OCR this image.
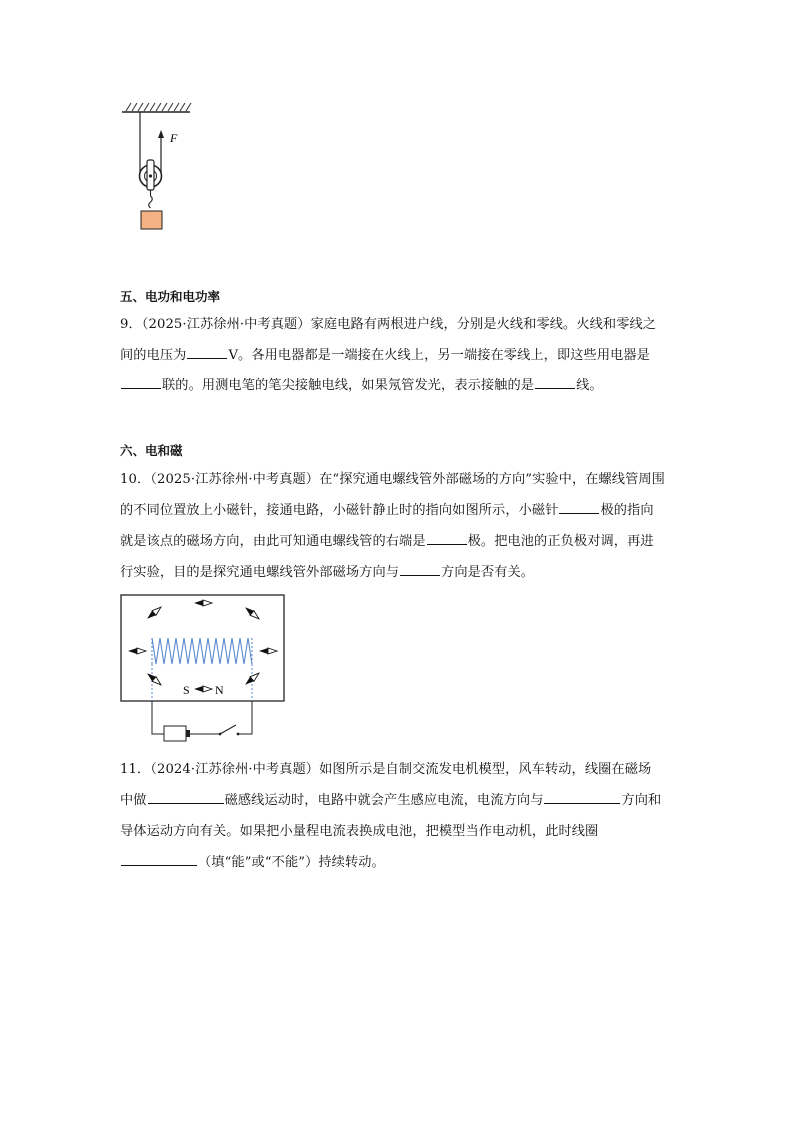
F
五、电功和电功率
9．（2025·江苏徐州·中考真题）家庭电路有两根进户线，分别是火线和零线。火线和零线之
间的电压为	V。各用电器都是一端接在火线上，另一端接在零线上，即这些用电器是
联的。用测电笔的笔尖接触电线，如果氖管发光，表示接触的是	线。
六、电和磁
10．（2025·江苏徐州·中考真题）在“探究通电螺线管外部磁场的方向”实验中，在螺线管周围
的不同位置放上小磁针，接通电路，小磁针静止时的指向如图所示，小磁针	极的指向
就是该点的磁场方向，由此可知通电螺线管的右端是	极。把电池的正负极对调，再进
行实验，目的是探究通电螺线管外部磁场方向与	方向是否有关。
S N
11．（2024·江苏徐州·中考真题）如图所示是自制交流发电机模型，风车转动，线圈在磁场
中做	磁感线运动时，电路中就会产生感应电流，电流方向与	方向和
导体运动方向有关。如果把小量程电流表换成电池，把模型当作电动机，此时线圈
（填“能”或“不能”）持续转动。
